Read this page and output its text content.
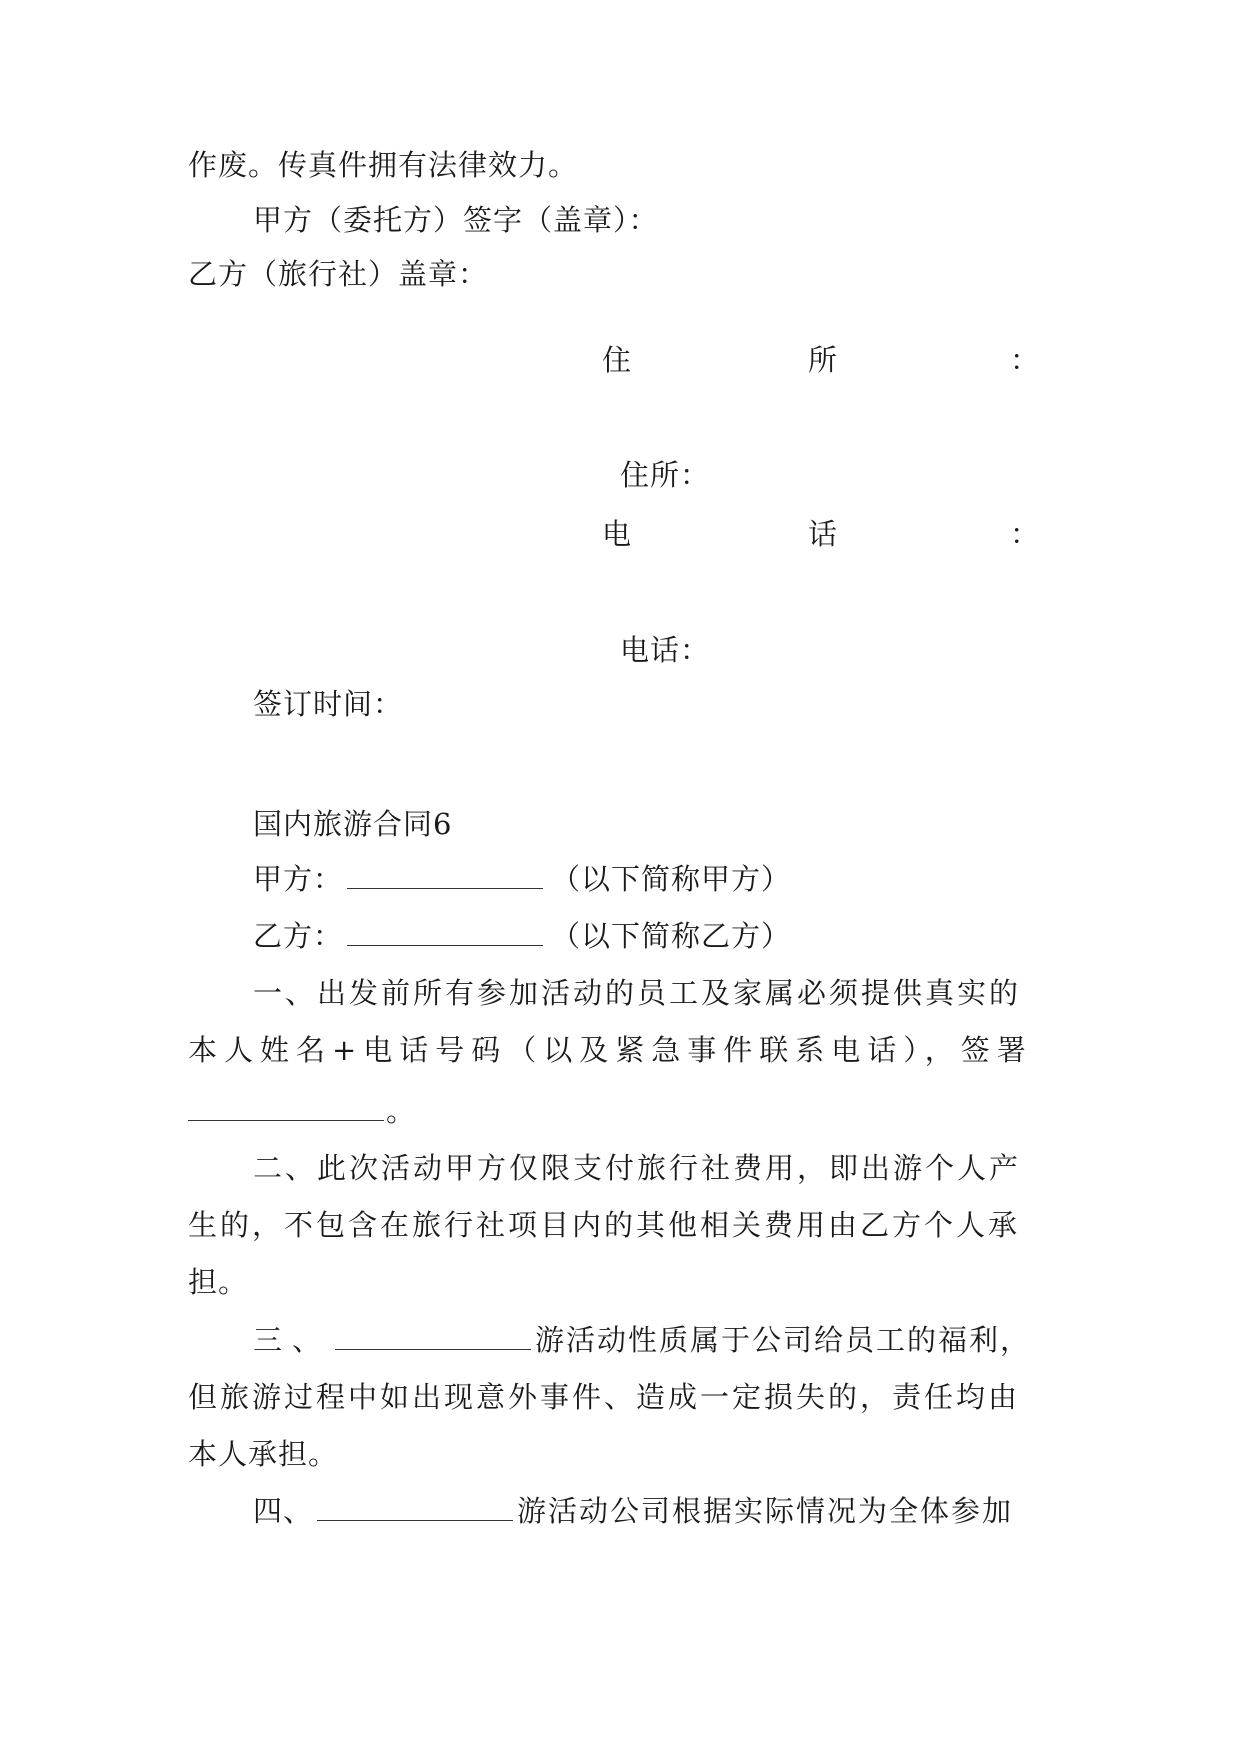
作废。传真件拥有法律效力。
甲方（委托方）签字（盖章）：
乙方（旅行社）盖章：
住	所	：
住所：
电	话	：
电话：
签订时间：
国内旅游合同6
甲方：	（以下简称甲方）
乙方：	（以下简称乙方）
一、出发前所有参加活动的员工及家属必须提供真实的
本人姓名+电话号码（以及紧急事件联系电话），签署
。
二、此次活动甲方仅限支付旅行社费用，即出游个人产
生的，不包含在旅行社项目内的其他相关费用由乙方个人承
担。
三、	游活动性质属于公司给员工的福利，
但旅游过程中如出现意外事件、造成一定损失的，责任均由
本人承担。
四、	游活动公司根据实际情况为全体参加
